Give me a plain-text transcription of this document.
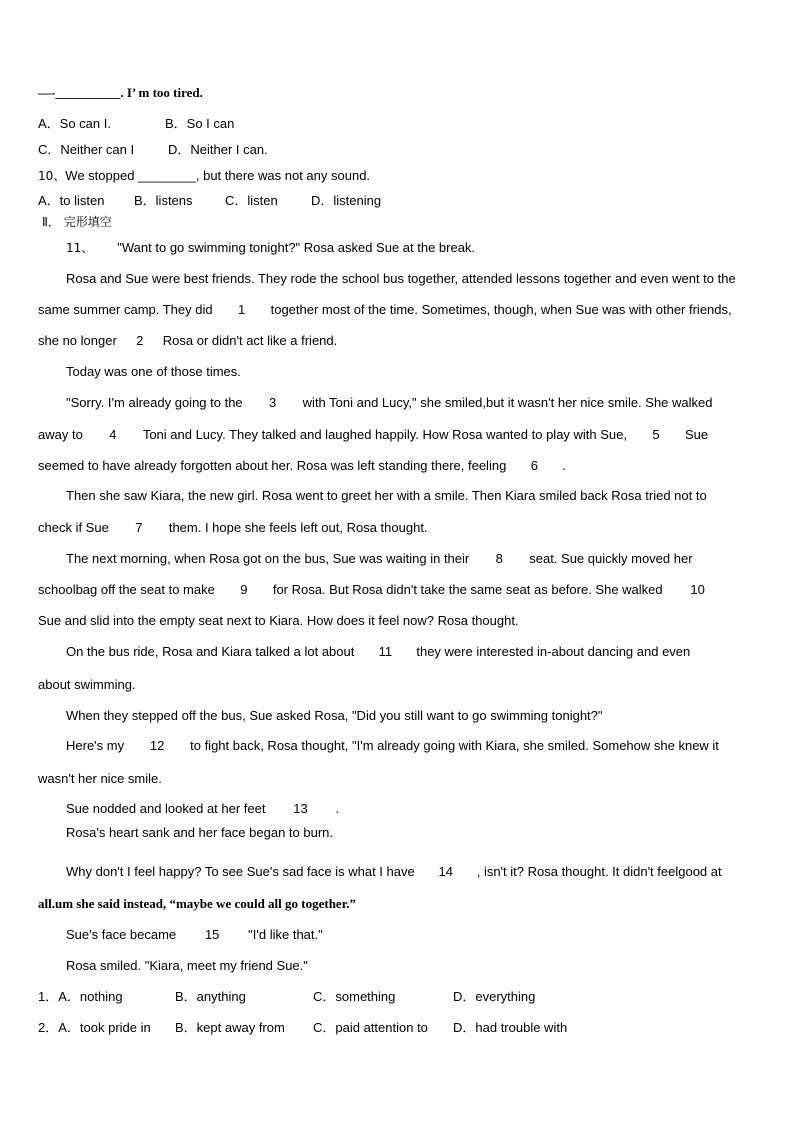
—-__________. I’ m too tired.
A．So can I.	B．So I can
C．Neither can I	D．Neither I can.
10、We stopped ________, but there was not any sound.
A．to listen B．listens C．listen	D．listening
Ⅱ． 完形填空
11、 "Want to go swimming tonight?" Rosa asked Sue at the break.
Rosa and Sue were best friends. They rode the school bus together, attended lessons together and even went to the
same summer camp. They did 1 together most of the time. Sometimes, though, when Sue was with other friends,
she no longer 2 Rosa or didn't act like a friend.
Today was one of those times.
"Sorry. I'm already going to the 3 with Toni and Lucy," she smiled,but it wasn't her nice smile. She walked
away to 4 Toni and Lucy. They talked and laughed happily. How Rosa wanted to play with Sue, 5 Sue
seemed to have already forgotten about her. Rosa was left standing there, feeling 6 .
Then she saw Kiara, the new girl. Rosa went to greet her with a smile. Then Kiara smiled back Rosa tried not to
check if Sue 7 them. I hope she feels left out, Rosa thought.
The next morning, when Rosa got on the bus, Sue was waiting in their 8 seat. Sue quickly moved her
schoolbag off the seat to make 9 for Rosa. But Rosa didn't take the same seat as before. She walked 10
Sue and slid into the empty seat next to Kiara. How does it feel now? Rosa thought.
On the bus ride, Rosa and Kiara talked a lot about 11 they were interested in-about dancing and even
about swimming.
When they stepped off the bus, Sue asked Rosa, "Did you still want to go swimming tonight?"
Here's my 12 to fight back, Rosa thought, "I'm already going with Kiara, she smiled. Somehow she knew it
wasn't her nice smile.
Sue nodded and looked at her feet 13 .
Rosa's heart sank and her face began to burn.
Why don't I feel happy? To see Sue's sad face is what I have 14 , isn't it? Rosa thought. It didn't feelgood at
all.um she said instead, “maybe we could all go together.”
Sue's face became 15 "I'd like that."
Rosa smiled. "Kiara, meet my friend Sue."
1．A．nothing	B．anything	C．something	D．everything
2．A．took pride in B．kept away from C．paid attention to D．had trouble with
